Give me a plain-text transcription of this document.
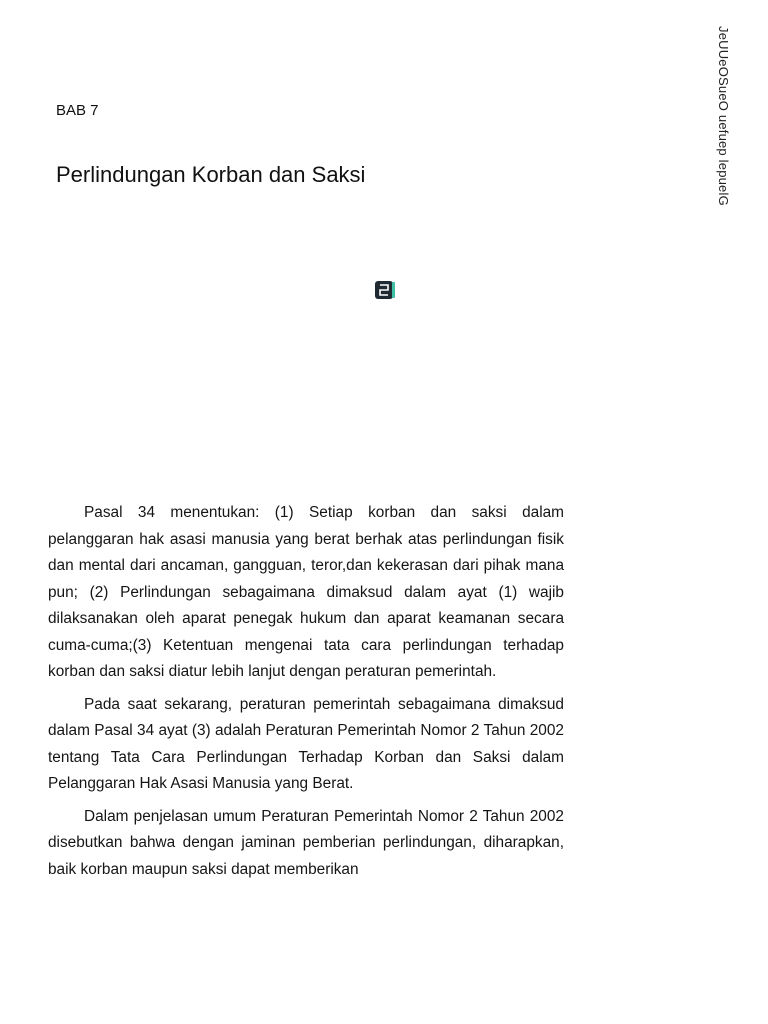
JeUUeOSueO uefuep lepuelG
BAB 7
Perlindungan Korban dan Saksi

Pasal 34 menentukan: (1) Setiap korban dan saksi dalam pelanggaran hak asasi manusia yang berat berhak atas perlindungan fisik dan mental dari ancaman, gangguan, teror,dan kekerasan dari pihak mana pun; (2) Perlindungan sebagaimana dimaksud dalam ayat (1) wajib dilaksanakan oleh aparat penegak hukum dan aparat keamanan secara cuma-cuma;(3) Ketentuan mengenai tata cara perlindungan terhadap korban dan saksi diatur lebih lanjut dengan peraturan pemerintah.

Pada saat sekarang, peraturan pemerintah sebagaimana dimaksud dalam Pasal 34 ayat (3) adalah Peraturan Pemerintah Nomor 2 Tahun 2002 tentang Tata Cara Perlindungan Terhadap Korban dan Saksi dalam Pelanggaran Hak Asasi Manusia yang Berat.

Dalam penjelasan umum Peraturan Pemerintah Nomor 2 Tahun 2002 disebutkan bahwa dengan jaminan pemberian perlindungan, diharapkan, baik korban maupun saksi dapat memberikan
